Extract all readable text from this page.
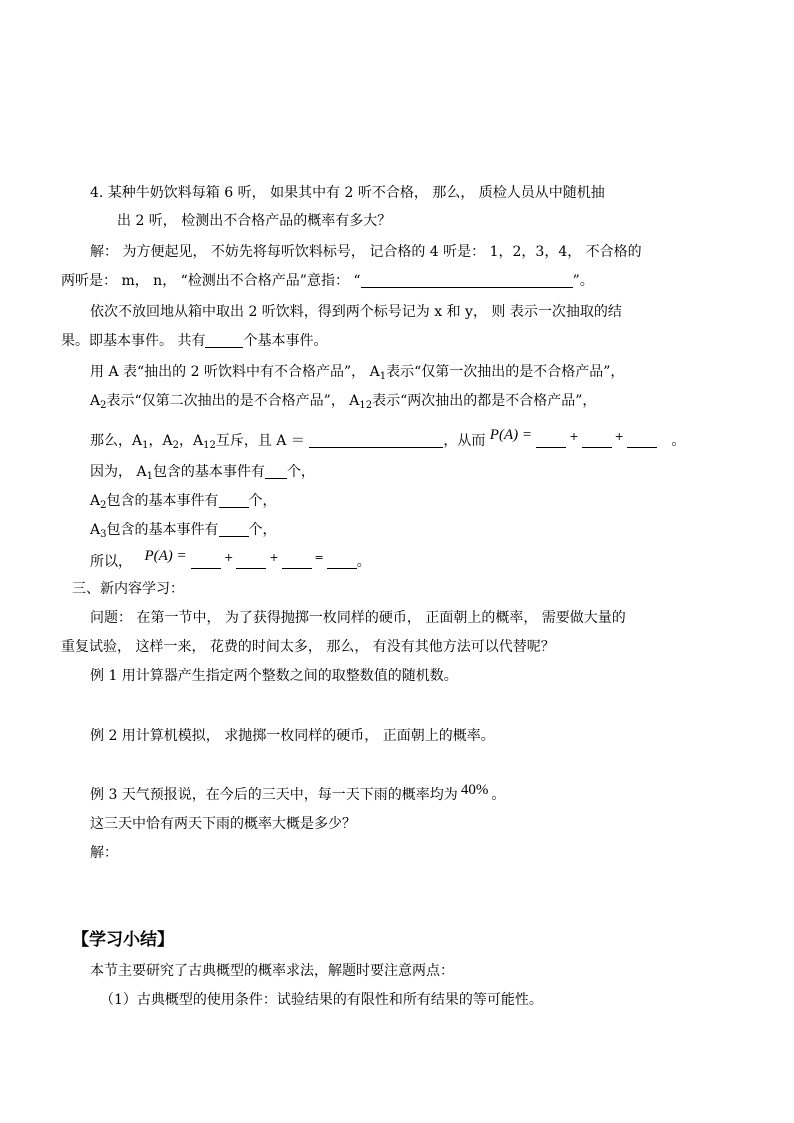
4. 某种牛奶饮料每箱 6 听， 如果其中有 2 听不合格， 那么， 质检人员从中随机抽
出 2 听， 检测出不合格产品的概率有多大？
解： 为方便起见， 不妨先将每听饮料标号， 记合格的 4 听是： 1，2，3，4， 不合格的
两听是： m， n， “检测出不合格产品”意指： “	”。
依次不放回地从箱中取出 2 听饮料，得到两个标号记为 x 和 y， 则 表示一次抽取的结
果。即基本事件。 共有	个基本事件。
用 A 表“抽出的 2 听饮料中有不合格产品”， $A_1$表示“仅第一次抽出的是不合格产品”，
$A_2$表示“仅第二次抽出的是不合格产品”， $A_{12}$表示“两次抽出的都是不合格产品”，
那么，$A_1$，$A_2$，$A_{12}$互斥，且 A ＝	，从而 P(A) =	+	+	。
因为， $A_1$包含的基本事件有 个，
$A_2$包含的基本事件有 个，
$A_3$包含的基本事件有 个，
所以， P(A) =	+	+	= 。
三、新内容学习：
问题： 在第一节中， 为了获得抛掷一枚同样的硬币， 正面朝上的概率， 需要做大量的
重复试验， 这样一来， 花费的时间太多， 那么， 有没有其他方法可以代替呢？
例 1 用计算器产生指定两个整数之间的取整数值的随机数。
例 2 用计算机模拟， 求抛掷一枚同样的硬币， 正面朝上的概率。
例 3 天气预报说，在今后的三天中，每一天下雨的概率均为 40% 。
这三天中恰有两天下雨的概率大概是多少？
解：
【学习小结】
本节主要研究了古典概型的概率求法，解题时要注意两点：
（1）古典概型的使用条件：试验结果的有限性和所有结果的等可能性。
